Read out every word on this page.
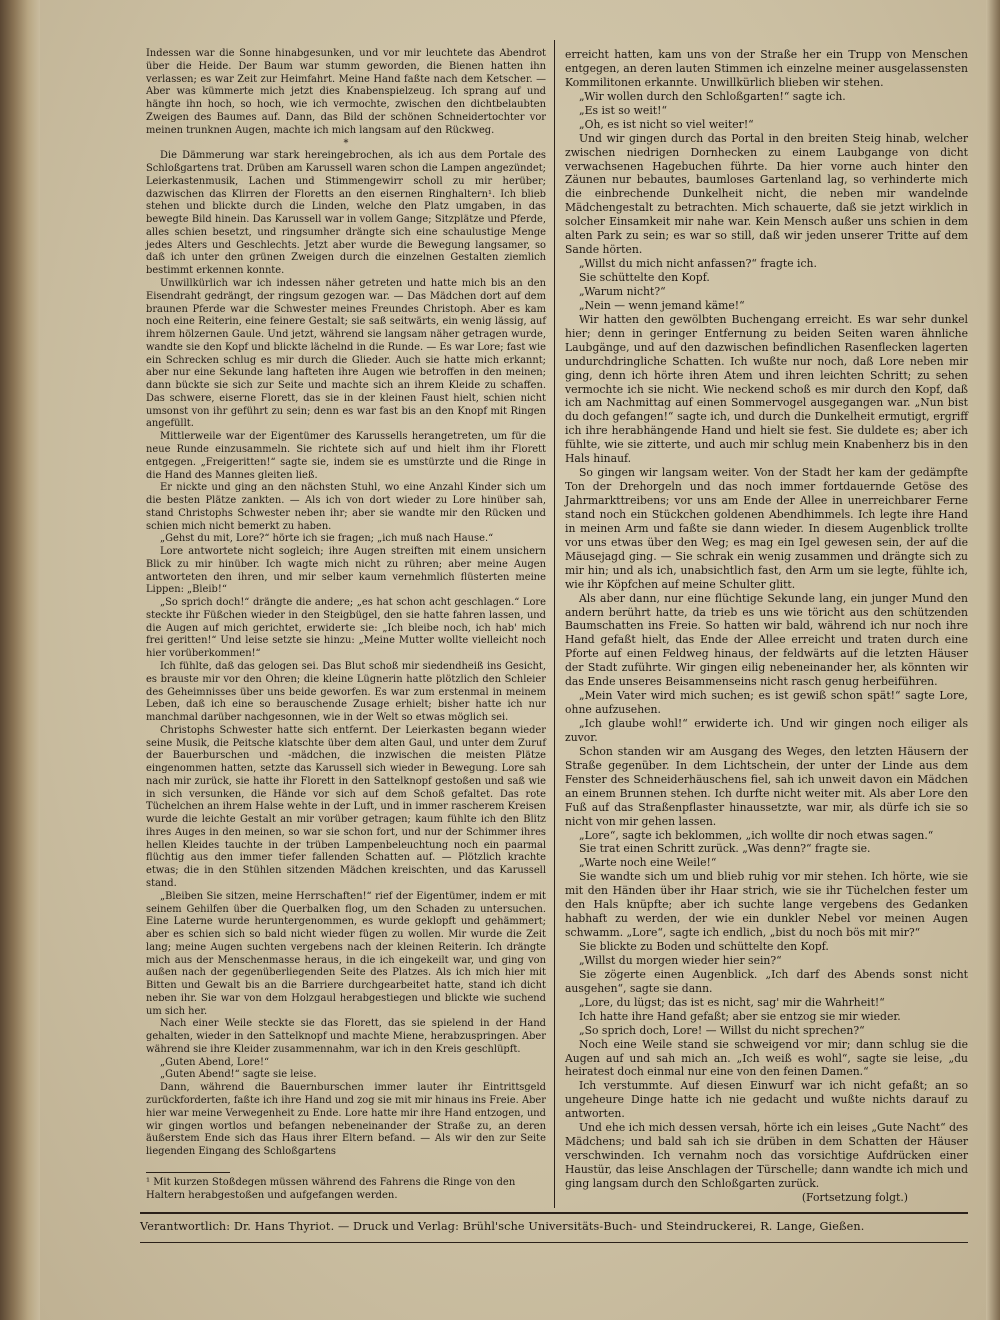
Indessen war die Sonne hinabgesunken, und vor mir leuchtete das Abendrot über die Heide. Der Baum war stumm geworden, die Bienen hatten ihn verlassen; es war Zeit zur Heimfahrt. Meine Hand faßte nach dem Ketscher. — Aber was kümmerte mich jetzt dies Knabenspielzeug. Ich sprang auf und hängte ihn hoch, so hoch, wie ich vermochte, zwischen den dichtbelaubten Zweigen des Baumes auf. Dann, das Bild der schönen Schneidertochter vor meinen trunknen Augen, machte ich mich langsam auf den Rückweg.

*

Die Dämmerung war stark hereingebrochen, als ich aus dem Portale des Schloßgartens trat. Drüben am Karussell waren schon die Lampen angezündet; Leierkastenmusik, Lachen und Stimmengewirr scholl zu mir herüber; dazwischen das Klirren der Floretts an den eisernen Ringhaltern¹. Ich blieb stehen und blickte durch die Linden, welche den Platz umgaben, in das bewegte Bild hinein. Das Karussell war in vollem Gange; Sitzplätze und Pferde, alles schien besetzt, und ringsumher drängte sich eine schaulustige Menge jedes Alters und Geschlechts. Jetzt aber wurde die Bewegung langsamer, so daß ich unter den grünen Zweigen durch die einzelnen Gestalten ziemlich bestimmt erkennen konnte.

Unwillkürlich war ich indessen näher getreten und hatte mich bis an den Eisendraht gedrängt, der ringsum gezogen war. — Das Mädchen dort auf dem braunen Pferde war die Schwester meines Freundes Christoph. Aber es kam noch eine Reiterin, eine feinere Gestalt; sie saß seitwärts, ein wenig lässig, auf ihrem hölzernen Gaule. Und jetzt, während sie langsam näher getragen wurde, wandte sie den Kopf und blickte lächelnd in die Runde. — Es war Lore; fast wie ein Schrecken schlug es mir durch die Glieder. Auch sie hatte mich erkannt; aber nur eine Sekunde lang hafteten ihre Augen wie betroffen in den meinen; dann bückte sie sich zur Seite und machte sich an ihrem Kleide zu schaffen. Das schwere, eiserne Florett, das sie in der kleinen Faust hielt, schien nicht umsonst von ihr geführt zu sein; denn es war fast bis an den Knopf mit Ringen angefüllt.

Mittlerweile war der Eigentümer des Karussells herangetreten, um für die neue Runde einzusammeln. Sie richtete sich auf und hielt ihm ihr Florett entgegen. „Freigeritten!“ sagte sie, indem sie es umstürzte und die Ringe in die Hand des Mannes gleiten ließ.

Er nickte und ging an den nächsten Stuhl, wo eine Anzahl Kinder sich um die besten Plätze zankten. — Als ich von dort wieder zu Lore hinüber sah, stand Christophs Schwester neben ihr; aber sie wandte mir den Rücken und schien mich nicht bemerkt zu haben.

„Gehst du mit, Lore?“ hörte ich sie fragen; „ich muß nach Hause.“

Lore antwortete nicht sogleich; ihre Augen streiften mit einem unsichern Blick zu mir hinüber. Ich wagte mich nicht zu rühren; aber meine Augen antworteten den ihren, und mir selber kaum vernehmlich flüsterten meine Lippen: „Bleib!“

„So sprich doch!“ drängte die andere; „es hat schon acht geschlagen.“ Lore steckte ihr Füßchen wieder in den Steigbügel, den sie hatte fahren lassen, und die Augen auf mich gerichtet, erwiderte sie: „Ich bleibe noch, ich hab' mich frei geritten!“ Und leise setzte sie hinzu: „Meine Mutter wollte vielleicht noch hier vorüberkommen!“

Ich fühlte, daß das gelogen sei. Das Blut schoß mir siedendheiß ins Gesicht, es brauste mir vor den Ohren; die kleine Lügnerin hatte plötzlich den Schleier des Geheimnisses über uns beide geworfen. Es war zum erstenmal in meinem Leben, daß ich eine so berauschende Zusage erhielt; bisher hatte ich nur manchmal darüber nachgesonnen, wie in der Welt so etwas möglich sei.

Christophs Schwester hatte sich entfernt. Der Leierkasten begann wieder seine Musik, die Peitsche klatschte über dem alten Gaul, und unter dem Zuruf der Bauerburschen und -mädchen, die inzwischen die meisten Plätze eingenommen hatten, setzte das Karussell sich wieder in Bewegung. Lore sah nach mir zurück, sie hatte ihr Florett in den Sattelknopf gestoßen und saß wie in sich versunken, die Hände vor sich auf dem Schoß gefaltet. Das rote Tüchelchen an ihrem Halse wehte in der Luft, und in immer rascherem Kreisen wurde die leichte Gestalt an mir vorüber getragen; kaum fühlte ich den Blitz ihres Auges in den meinen, so war sie schon fort, und nur der Schimmer ihres hellen Kleides tauchte in der trüben Lampenbeleuchtung noch ein paarmal flüchtig aus den immer tiefer fallenden Schatten auf. — Plötzlich krachte etwas; die in den Stühlen sitzenden Mädchen kreischten, und das Karussell stand.

„Bleiben Sie sitzen, meine Herrschaften!“ rief der Eigentümer, indem er mit seinem Gehilfen über die Querbalken flog, um den Schaden zu untersuchen. Eine Laterne wurde heruntergenommen, es wurde geklopft und gehämmert; aber es schien sich so bald nicht wieder fügen zu wollen. Mir wurde die Zeit lang; meine Augen suchten vergebens nach der kleinen Reiterin. Ich drängte mich aus der Menschenmasse heraus, in die ich eingekeilt war, und ging von außen nach der gegenüberliegenden Seite des Platzes. Als ich mich hier mit Bitten und Gewalt bis an die Barriere durchgearbeitet hatte, stand ich dicht neben ihr. Sie war von dem Holzgaul herabgestiegen und blickte wie suchend um sich her.

Nach einer Weile steckte sie das Florett, das sie spielend in der Hand gehalten, wieder in den Sattelknopf und machte Miene, herabzuspringen. Aber während sie ihre Kleider zusammennahm, war ich in den Kreis geschlüpft.

„Guten Abend, Lore!“

„Guten Abend!“ sagte sie leise.

Dann, während die Bauernburschen immer lauter ihr Eintrittsgeld zurückforderten, faßte ich ihre Hand und zog sie mit mir hinaus ins Freie. Aber hier war meine Verwegenheit zu Ende. Lore hatte mir ihre Hand entzogen, und wir gingen wortlos und befangen nebeneinander der Straße zu, an deren äußerstem Ende sich das Haus ihrer Eltern befand. — Als wir den zur Seite liegenden Eingang des Schloßgartens

erreicht hatten, kam uns von der Straße her ein Trupp von Menschen entgegen, an deren lauten Stimmen ich einzelne meiner ausgelassensten Kommilitonen erkannte. Unwillkürlich blieben wir stehen.

„Wir wollen durch den Schloßgarten!“ sagte ich.

„Es ist so weit!“

„Oh, es ist nicht so viel weiter!“

Und wir gingen durch das Portal in den breiten Steig hinab, welcher zwischen niedrigen Dornhecken zu einem Laubgange von dicht verwachsenen Hagebuchen führte. Da hier vorne auch hinter den Zäunen nur bebautes, baumloses Gartenland lag, so verhinderte mich die einbrechende Dunkelheit nicht, die neben mir wandelnde Mädchengestalt zu betrachten. Mich schauerte, daß sie jetzt wirklich in solcher Einsamkeit mir nahe war. Kein Mensch außer uns schien in dem alten Park zu sein; es war so still, daß wir jeden unserer Tritte auf dem Sande hörten.

„Willst du mich nicht anfassen?“ fragte ich.

Sie schüttelte den Kopf.

„Warum nicht?“

„Nein — wenn jemand käme!“

Wir hatten den gewölbten Buchengang erreicht. Es war sehr dunkel hier; denn in geringer Entfernung zu beiden Seiten waren ähnliche Laubgänge, und auf den dazwischen befindlichen Rasenflecken lagerten undurchdringliche Schatten. Ich wußte nur noch, daß Lore neben mir ging, denn ich hörte ihren Atem und ihren leichten Schritt; zu sehen vermochte ich sie nicht. Wie neckend schoß es mir durch den Kopf, daß ich am Nachmittag auf einen Sommervogel ausgegangen war. „Nun bist du doch gefangen!“ sagte ich, und durch die Dunkelheit ermutigt, ergriff ich ihre herabhängende Hand und hielt sie fest. Sie duldete es; aber ich fühlte, wie sie zitterte, und auch mir schlug mein Knabenherz bis in den Hals hinauf.

So gingen wir langsam weiter. Von der Stadt her kam der gedämpfte Ton der Drehorgeln und das noch immer fortdauernde Getöse des Jahrmarkttreibens; vor uns am Ende der Allee in unerreichbarer Ferne stand noch ein Stückchen goldenen Abendhimmels. Ich legte ihre Hand in meinen Arm und faßte sie dann wieder. In diesem Augenblick trollte vor uns etwas über den Weg; es mag ein Igel gewesen sein, der auf die Mäusejagd ging. — Sie schrak ein wenig zusammen und drängte sich zu mir hin; und als ich, unabsichtlich fast, den Arm um sie legte, fühlte ich, wie ihr Köpfchen auf meine Schulter glitt.

Als aber dann, nur eine flüchtige Sekunde lang, ein junger Mund den andern berührt hatte, da trieb es uns wie töricht aus den schützenden Baumschatten ins Freie. So hatten wir bald, während ich nur noch ihre Hand gefaßt hielt, das Ende der Allee erreicht und traten durch eine Pforte auf einen Feldweg hinaus, der feldwärts auf die letzten Häuser der Stadt zuführte. Wir gingen eilig nebeneinander her, als könnten wir das Ende unseres Beisammenseins nicht rasch genug herbeiführen.

„Mein Vater wird mich suchen; es ist gewiß schon spät!“ sagte Lore, ohne aufzusehen.

„Ich glaube wohl!“ erwiderte ich. Und wir gingen noch eiliger als zuvor.

Schon standen wir am Ausgang des Weges, den letzten Häusern der Straße gegenüber. In dem Lichtschein, der unter der Linde aus dem Fenster des Schneiderhäuschens fiel, sah ich unweit davon ein Mädchen an einem Brunnen stehen. Ich durfte nicht weiter mit. Als aber Lore den Fuß auf das Straßenpflaster hinaussetzte, war mir, als dürfe ich sie so nicht von mir gehen lassen.

„Lore“, sagte ich beklommen, „ich wollte dir noch etwas sagen.“

Sie trat einen Schritt zurück. „Was denn?“ fragte sie.

„Warte noch eine Weile!“

Sie wandte sich um und blieb ruhig vor mir stehen. Ich hörte, wie sie mit den Händen über ihr Haar strich, wie sie ihr Tüchelchen fester um den Hals knüpfte; aber ich suchte lange vergebens des Gedanken habhaft zu werden, der wie ein dunkler Nebel vor meinen Augen schwamm. „Lore“, sagte ich endlich, „bist du noch bös mit mir?“

Sie blickte zu Boden und schüttelte den Kopf.

„Willst du morgen wieder hier sein?“

Sie zögerte einen Augenblick. „Ich darf des Abends sonst nicht ausgehen“, sagte sie dann.

„Lore, du lügst; das ist es nicht, sag' mir die Wahrheit!“

Ich hatte ihre Hand gefaßt; aber sie entzog sie mir wieder.

„So sprich doch, Lore! — Willst du nicht sprechen?“

Noch eine Weile stand sie schweigend vor mir; dann schlug sie die Augen auf und sah mich an. „Ich weiß es wohl“, sagte sie leise, „du heiratest doch einmal nur eine von den feinen Damen.“

Ich verstummte. Auf diesen Einwurf war ich nicht gefaßt; an so ungeheure Dinge hatte ich nie gedacht und wußte nichts darauf zu antworten.

Und ehe ich mich dessen versah, hörte ich ein leises „Gute Nacht“ des Mädchens; und bald sah ich sie drüben in dem Schatten der Häuser verschwinden. Ich vernahm noch das vorsichtige Aufdrücken einer Haustür, das leise Anschlagen der Türschelle; dann wandte ich mich und ging langsam durch den Schloßgarten zurück.

(Fortsetzung folgt.)

¹ Mit kurzen Stoßdegen müssen während des Fahrens die Ringe von den Haltern herabgestoßen und aufgefangen werden.
Verantwortlich: Dr. Hans Thyriot. — Druck und Verlag: Brühl'sche Universitäts-Buch- und Steindruckerei, R. Lange, Gießen.
